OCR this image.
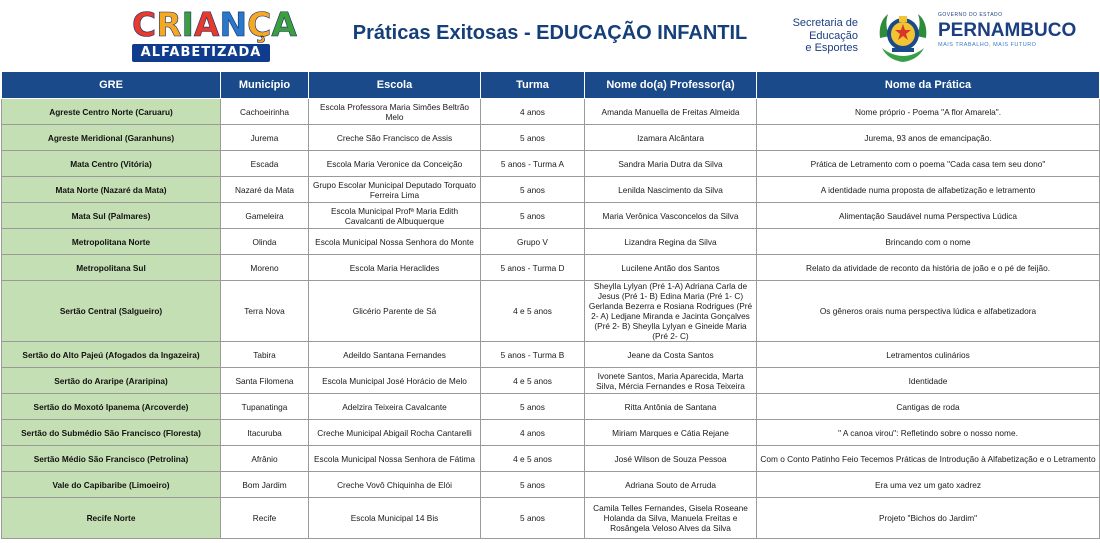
CRIANÇA
ALFABETIZADA
Práticas Exitosas - EDUCAÇÃO INFANTIL	Secretaria de
Educação
e Esportes
GOVERNO DO ESTADO
PERNAMBUCO
MAIS TRABALHO, MAIS FUTURO
GRE	Município	Escola	Turma	Nome do(a) Professor(a)	Nome da Prática
Agreste Centro Norte (Caruaru)	Cachoeirinha	Escola Professora Maria Simões Beltrão Melo	4 anos	Amanda Manuella de Freitas Almeida	Nome próprio - Poema "A flor Amarela".
Agreste Meridional (Garanhuns)	Jurema	Creche São Francisco de Assis	5 anos	Izamara Alcântara	Jurema, 93 anos de emancipação.
Mata Centro (Vitória)	Escada	Escola Maria Veronice da Conceição	5 anos - Turma A	Sandra Maria Dutra da Silva	Prática de Letramento com o poema "Cada casa tem seu dono"
Mata Norte (Nazaré da Mata)	Nazaré da Mata	Grupo Escolar Municipal Deputado Torquato Ferreira Lima	5 anos	Lenilda Nascimento da Silva	A identidade numa proposta de alfabetização e letramento
Mata Sul (Palmares)	Gameleira	Escola Municipal Profª Maria Edith Cavalcanti de Albuquerque	5 anos	Maria Verônica Vasconcelos da Silva	Alimentação Saudável numa Perspectiva Lúdica
Metropolitana Norte	Olinda	Escola Municipal Nossa Senhora do Monte	Grupo V	Lizandra Regina da Silva	Brincando com o nome
Metropolitana Sul	Moreno	Escola Maria Heraclides	5 anos - Turma D	Lucilene Antão dos Santos	Relato da atividade de reconto da história de joão e o pé de feijão.
Sertão Central (Salgueiro)	Terra Nova	Glicério Parente de Sá	4 e 5 anos	Sheylla Lylyan (Pré 1-A) Adriana Carla de Jesus (Pré 1- B) Edina Maria (Pré 1- C) Gerlanda Bezerra e Rosiana Rodrigues (Pré 2- A) Ledjane Miranda e Jacinta Gonçalves (Pré 2- B) Sheylla Lylyan e Gineide Maria (Pré 2- C)	Os gêneros orais numa perspectiva lúdica e alfabetizadora
Sertão do Alto Pajeú (Afogados da Ingazeira)	Tabira	Adeildo Santana Fernandes	5 anos - Turma B	Jeane da Costa Santos	Letramentos culinários
Sertão do Araripe (Araripina)	Santa Filomena	Escola Municipal José Horácio de Melo	4 e 5 anos	Ivonete Santos, Maria Aparecida, Marta Silva, Mércia Fernandes e Rosa Teixeira	Identidade
Sertão do Moxotó Ipanema (Arcoverde)	Tupanatinga	Adelzira Teixeira Cavalcante	5 anos	Ritta Antônia de Santana	Cantigas de roda
Sertão do Submédio São Francisco (Floresta)	Itacuruba	Creche Municipal Abigail Rocha Cantarelli	4 anos	Miriam Marques e Cátia Rejane	" A canoa virou": Refletindo sobre o nosso nome.
Sertão Médio São Francisco (Petrolina)	Afrânio	Escola Municipal Nossa Senhora de Fátima	4 e 5 anos	José Wilson de Souza Pessoa	Com o Conto Patinho Feio Tecemos Práticas de Introdução à Alfabetização e o Letramento
Vale do Capibaribe (Limoeiro)	Bom Jardim	Creche Vovô Chiquinha de Elói	5 anos	Adriana Souto de Arruda	Era uma vez um gato xadrez
Recife Norte	Recife	Escola Municipal 14 Bis	5 anos	Camila Telles Fernandes, Gisela Roseane Holanda da Silva, Manuela Freitas e Rosângela Veloso Alves da Silva	Projeto "Bichos do Jardim"
